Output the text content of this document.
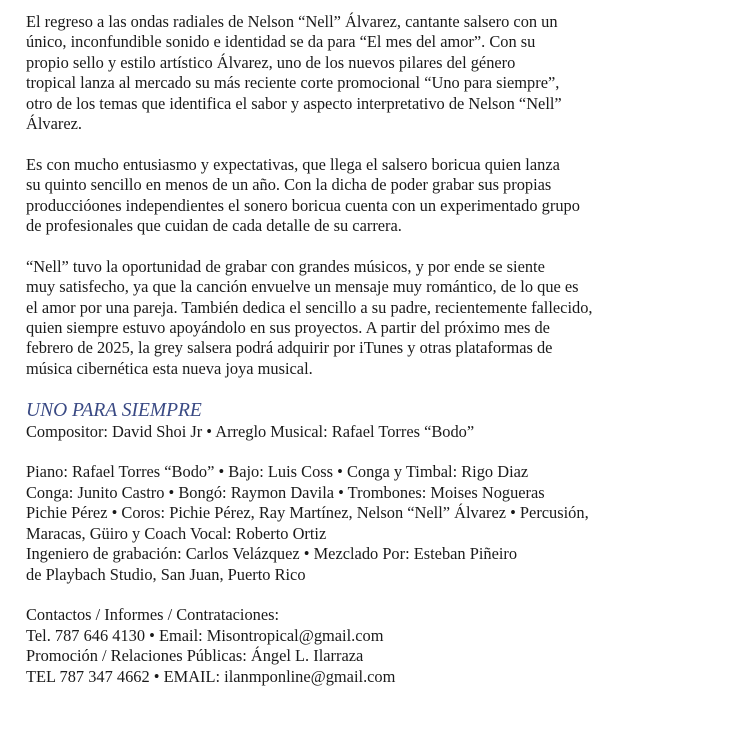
El regreso a las ondas radiales de Nelson “Nell” Álvarez, cantante salsero con un
único, inconfundible sonido e identidad se da para “El mes del amor”. Con su
propio sello y estilo artístico Álvarez, uno de los nuevos pilares del género
tropical lanza al mercado su más reciente corte promocional “Uno para siempre”,
otro de los temas que identifica el sabor y aspecto interpretativo de Nelson “Nell”
Álvarez.

Es con mucho entusiasmo y expectativas, que llega el salsero boricua quien lanza
su quinto sencillo en menos de un año. Con la dicha de poder grabar sus propias
produccióones independientes el sonero boricua cuenta con un experimentado grupo
de profesionales que cuidan de cada detalle de su carrera.

“Nell” tuvo la oportunidad de grabar con grandes músicos, y por ende se siente
muy satisfecho, ya que la canción envuelve un mensaje muy romántico, de lo que es
el amor por una pareja. También dedica el sencillo a su padre, recientemente fallecido,
quien siempre estuvo apoyándolo en sus proyectos. A partir del próximo mes de
febrero de 2025, la grey salsera podrá adquirir por iTunes y otras plataformas de
música cibernética esta nueva joya musical.

UNO PARA SIEMPRE

Compositor: David Shoi Jr • Arreglo Musical: Rafael Torres “Bodo”

Piano: Rafael Torres “Bodo” • Bajo: Luis Coss • Conga y Timbal: Rigo Diaz
Conga: Junito Castro • Bongó: Raymon Davila • Trombones: Moises Nogueras
Pichie Pérez • Coros: Pichie Pérez, Ray Martínez, Nelson “Nell” Álvarez • Percusión,
Maracas, Güiro y Coach Vocal: Roberto Ortiz
Ingeniero de grabación: Carlos Velázquez • Mezclado Por: Esteban Piñeiro
de Playbach Studio, San Juan, Puerto Rico

Contactos / Informes / Contrataciones:
Tel. 787 646 4130 • Email: Misontropical@gmail.com
Promoción / Relaciones Públicas: Ángel L. Ilarraza
TEL 787 347 4662 • EMAIL: ilanmponline@gmail.com
